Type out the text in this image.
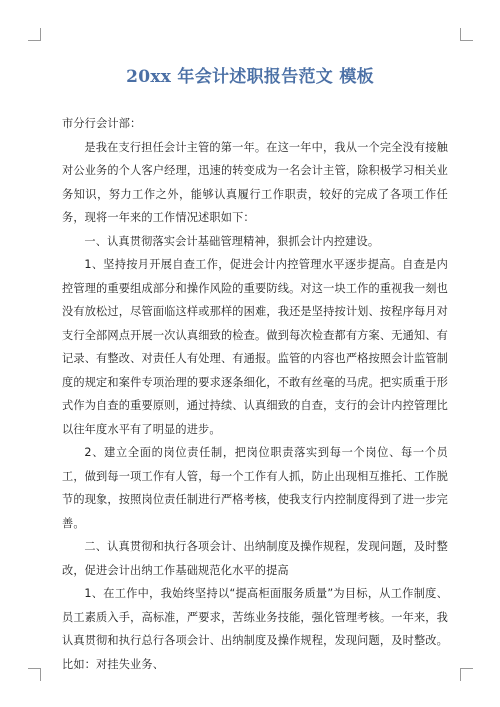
20xx 年会计述职报告范文 模板

市分行会计部：

是我在支行担任会计主管的第一年。在这一年中，我从一个完全没有接触对公业务的个人客户经理，迅速的转变成为一名会计主管，除积极学习相关业务知识，努力工作之外，能够认真履行工作职责，较好的完成了各项工作任务，现将一年来的工作情况述职如下：

一、认真贯彻落实会计基础管理精神，狠抓会计内控建设。

1、坚持按月开展自查工作，促进会计内控管理水平逐步提高。自查是内控管理的重要组成部分和操作风险的重要防线。对这一块工作的重视我一刻也没有放松过，尽管面临这样或那样的困难，我还是坚持按计划、按程序每月对支行全部网点开展一次认真细致的检查。做到每次检查都有方案、无通知、有记录、有整改、对责任人有处理、有通报。监管的内容也严格按照会计监管制度的规定和案件专项治理的要求逐条细化，不敢有丝毫的马虎。把实质重于形式作为自查的重要原则，通过持续、认真细致的自查，支行的会计内控管理比以往年度水平有了明显的进步。

2、建立全面的岗位责任制，把岗位职责落实到每一个岗位、每一个员工，做到每一项工作有人管，每一个工作有人抓，防止出现相互推托、工作脱节的现象，按照岗位责任制进行严格考核，使我支行内控制度得到了进一步完善。

二、认真贯彻和执行各项会计、出纳制度及操作规程，发现问题，及时整改，促进会计出纳工作基础规范化水平的提高

1、在工作中，我始终坚持以“提高柜面服务质量”为目标，从工作制度、员工素质入手，高标准，严要求，苦练业务技能，强化管理考核。一年来，我认真贯彻和执行总行各项会计、出纳制度及操作规程，发现问题，及时整改。比如：对挂失业务、
